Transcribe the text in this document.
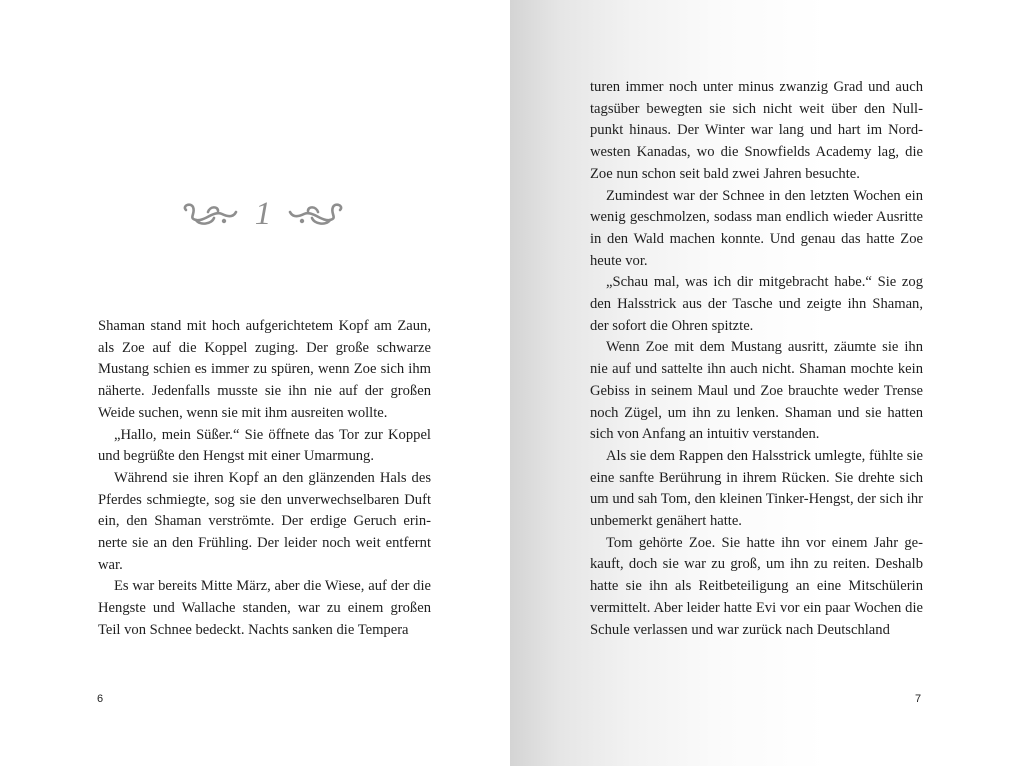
1

Shaman stand mit hoch aufgerichtetem Kopf am Zaun, als Zoe auf die Koppel zuging. Der große schwarze Mustang schien es immer zu spüren, wenn Zoe sich ihm näherte. Jedenfalls musste sie ihn nie auf der großen Weide suchen, wenn sie mit ihm ausreiten wollte.

„Hallo, mein Süßer.“ Sie öffnete das Tor zur Koppel und begrüßte den Hengst mit einer Umarmung.

Während sie ihren Kopf an den glänzenden Hals des Pferdes schmiegte, sog sie den unverwechselbaren Duft ein, den Shaman verströmte. Der erdige Geruch erinnerte sie an den Frühling. Der leider noch weit entfernt war.

Es war bereits Mitte März, aber die Wiese, auf der die Hengste und Wallache standen, war zu einem großen Teil von Schnee bedeckt. Nachts sanken die Tempera

6

turen immer noch unter minus zwanzig Grad und auch tagsüber bewegten sie sich nicht weit über den Nullpunkt hinaus. Der Winter war lang und hart im Nordwesten Kanadas, wo die Snowfields Academy lag, die Zoe nun schon seit bald zwei Jahren besuchte.

Zumindest war der Schnee in den letzten Wochen ein wenig geschmolzen, sodass man endlich wieder Ausritte in den Wald machen konnte. Und genau das hatte Zoe heute vor.

„Schau mal, was ich dir mitgebracht habe.“ Sie zog den Halsstrick aus der Tasche und zeigte ihn Shaman, der sofort die Ohren spitzte.

Wenn Zoe mit dem Mustang ausritt, zäumte sie ihn nie auf und sattelte ihn auch nicht. Shaman mochte kein Gebiss in seinem Maul und Zoe brauchte weder Trense noch Zügel, um ihn zu lenken. Shaman und sie hatten sich von Anfang an intuitiv verstanden.

Als sie dem Rappen den Halsstrick umlegte, fühlte sie eine sanfte Berührung in ihrem Rücken. Sie drehte sich um und sah Tom, den kleinen Tinker-Hengst, der sich ihr unbemerkt genähert hatte.

Tom gehörte Zoe. Sie hatte ihn vor einem Jahr gekauft, doch sie war zu groß, um ihn zu reiten. Deshalb hatte sie ihn als Reitbeteiligung an eine Mitschülerin vermittelt. Aber leider hatte Evi vor ein paar Wochen die Schule verlassen und war zurück nach Deutschland

7
